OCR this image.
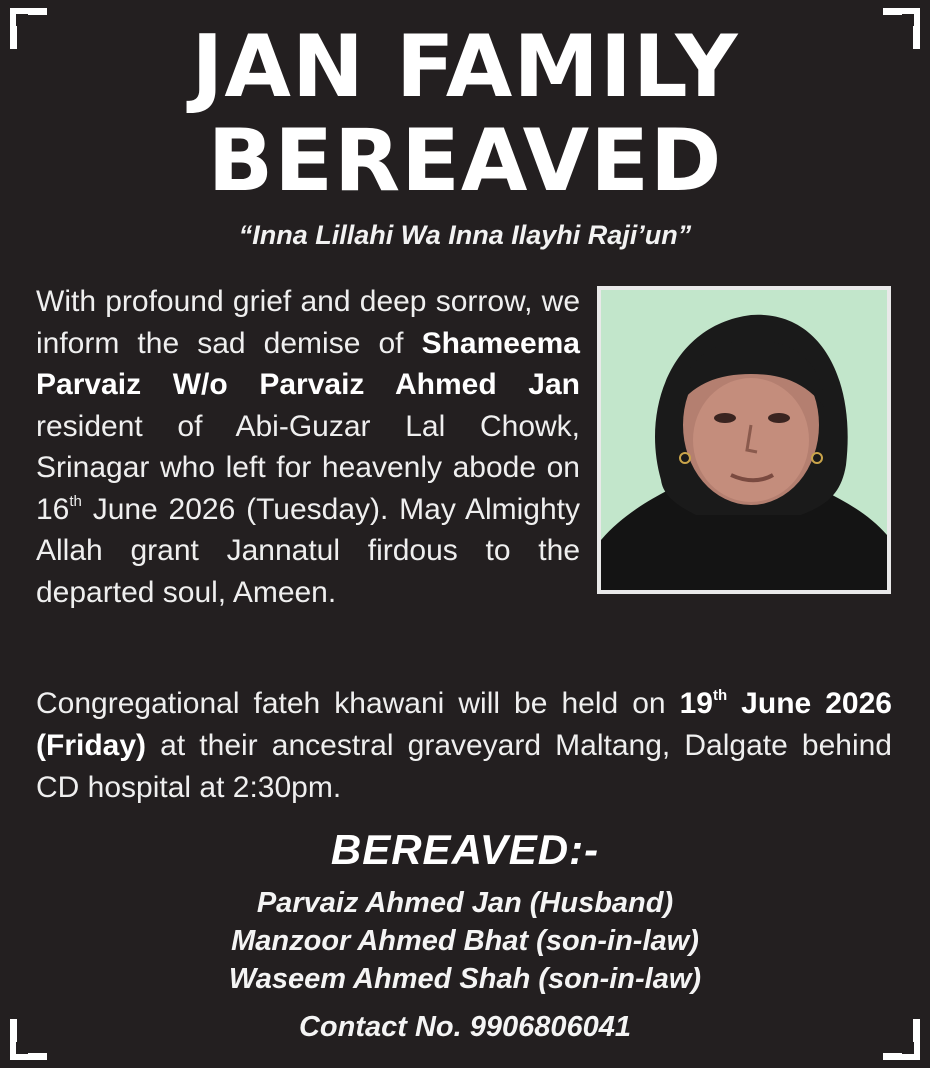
JAN FAMILY
BEREAVED
“Inna Lillahi Wa Inna Ilayhi Raji’un”

With profound grief and deep sorrow, we inform the sad demise of Shameema Parvaiz W/o Parvaiz Ahmed Jan resident of Abi-Guzar Lal Chowk, Srinagar who left for heavenly abode on 16th June 2026 (Tuesday). May Almighty Allah grant Jannatul firdous to the departed soul, Ameen.

Congregational fateh khawani will be held on 19th June 2026 (Friday) at their ancestral graveyard Maltang, Dalgate behind CD hospital at 2:30pm.

BEREAVED:-
Parvaiz Ahmed Jan (Husband)
Manzoor Ahmed Bhat (son-in-law)
Waseem Ahmed Shah (son-in-law)
Contact No. 9906806041
